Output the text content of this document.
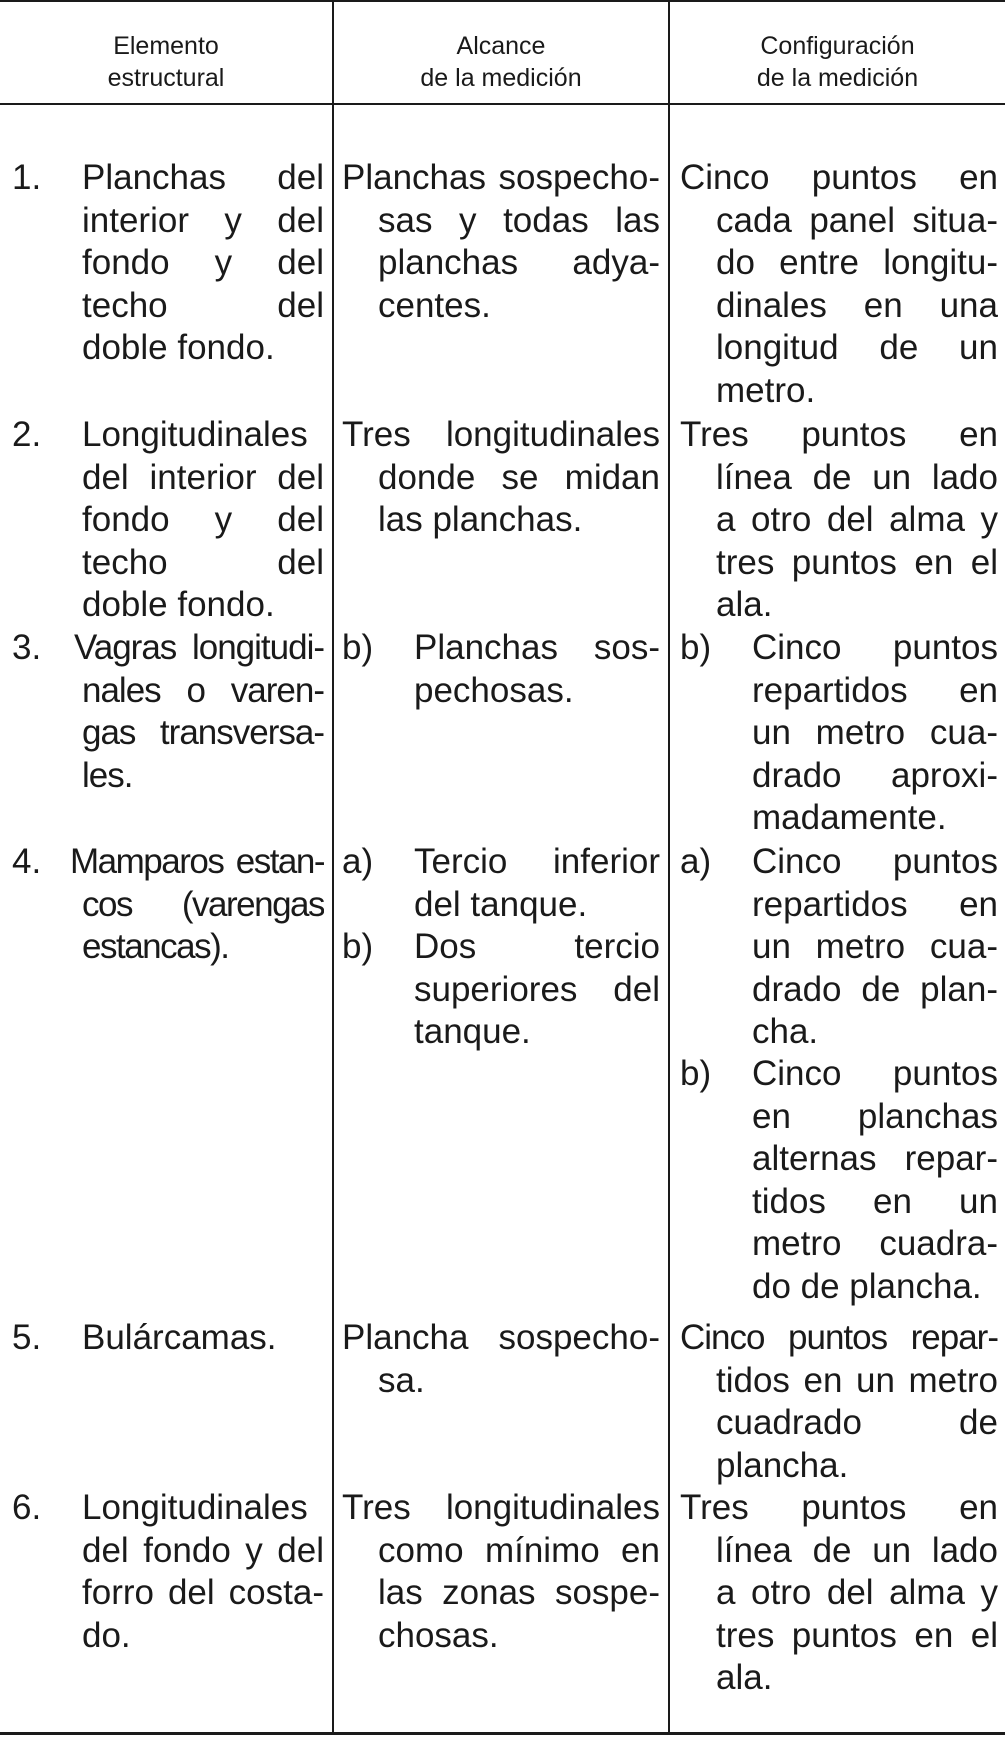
Elemento
estructural
Alcance
de la medición
Configuración
de la medición
1. Planchas del
interior y del
fondo y del
techo del
doble fondo.
Planchas sospecho-
sas y todas las
planchas adya-
centes.
Cinco puntos en
cada panel situa-
do entre longitu-
dinales en una
longitud de un
metro.
2. Longitudinales
del interior del
fondo y del
techo del
doble fondo.
Tres longitudinales
donde se midan
las planchas.
Tres puntos en
línea de un lado
a otro del alma y
tres puntos en el
ala.
3. Vagras longitudi-
nales o varen-
gas transversa-
les.
b) Planchas sos-
pechosas.
b) Cinco puntos
repartidos en
un metro cua-
drado aproxi-
madamente.
4. Mamparos estan-
cos (varengas
estancas).
a) Tercio inferior
del tanque.
b) Dos tercio
superiores del
tanque.
a) Cinco puntos
repartidos en
un metro cua-
drado de plan-
cha.
b) Cinco puntos
en planchas
alternas repar-
tidos en un
metro cuadra-
do de plancha.
5. Bulárcamas.	Plancha sospecho-
sa.
Cinco puntos repar-
tidos en un metro
cuadrado de
plancha.
6. Longitudinales
del fondo y del
forro del costa-
do.
Tres longitudinales
como mínimo en
las zonas sospe-
chosas.
Tres puntos en
línea de un lado
a otro del alma y
tres puntos en el
ala.
